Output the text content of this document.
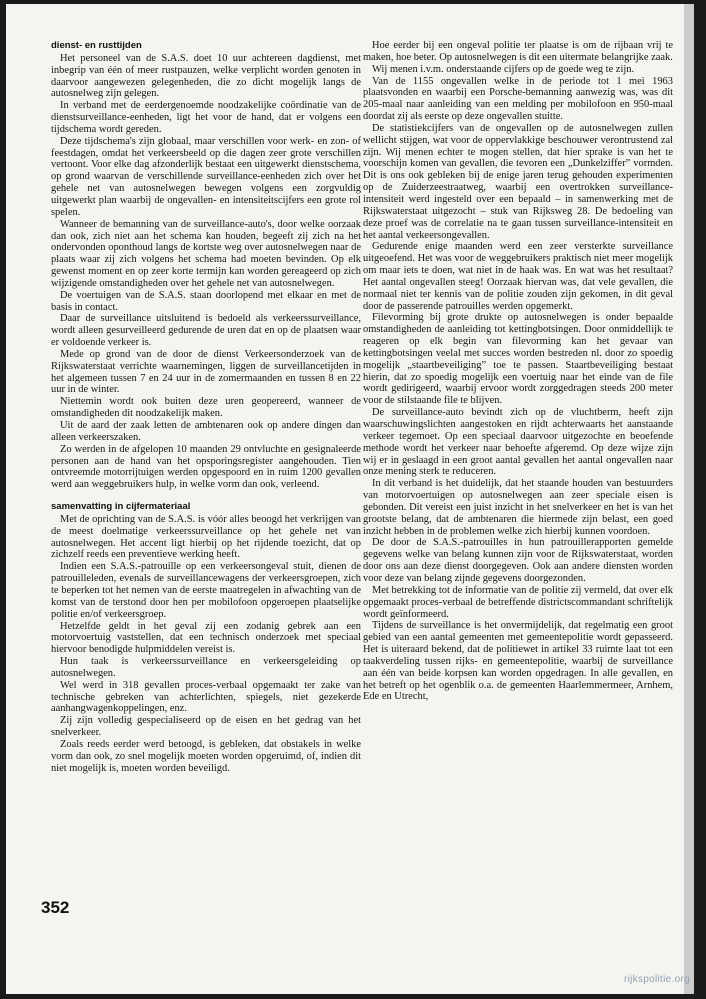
dienst- en rusttijden

Het personeel van de S.A.S. doet 10 uur achtereen dagdienst, met inbegrip van één of meer rustpauzen, welke verplicht worden genoten in daarvoor aangewezen gelegenheden, die zo dicht mogelijk langs de autosnelweg zijn gelegen.

In verband met de eerdergenoemde noodzakelijke coördinatie van de dienstsurveillance-eenheden, ligt het voor de hand, dat er volgens een tijdschema wordt gereden.

Deze tijdschema's zijn globaal, maar verschillen voor werk- en zon- of feestdagen, omdat het verkeersbeeld op die dagen zeer grote verschillen vertoont. Voor elke dag afzonderlijk bestaat een uitgewerkt dienstschema, op grond waarvan de verschillende surveillance-eenheden zich over het gehele net van autosnelwegen bewegen volgens een zorgvuldig uitgewerkt plan waarbij de ongevallen- en intensiteitscijfers een grote rol spelen.

Wanneer de bemanning van de surveillance-auto's, door welke oorzaak dan ook, zich niet aan het schema kan houden, begeeft zij zich na het ondervonden oponthoud langs de kortste weg over autosnelwegen naar de plaats waar zij zich volgens het schema had moeten bevinden. Op elk gewenst moment en op zeer korte termijn kan worden gereageerd op zich wijzigende omstandigheden over het gehele net van autosnelwegen.

De voertuigen van de S.A.S. staan doorlopend met elkaar en met de basis in contact.

Daar de surveillance uitsluitend is bedoeld als verkeerssurveillance, wordt alleen gesurveilleerd gedurende de uren dat en op de plaatsen waar er voldoende verkeer is.

Mede op grond van de door de dienst Verkeersonderzoek van de Rijkswaterstaat verrichte waarnemingen, liggen de surveillancetijden in het algemeen tussen 7 en 24 uur in de zomermaanden en tussen 8 en 22 uur in de winter.

Niettemin wordt ook buiten deze uren geopereerd, wanneer de omstandigheden dit noodzakelijk maken.

Uit de aard der zaak letten de ambtenaren ook op andere dingen dan alleen verkeerszaken.

Zo werden in de afgelopen 10 maanden 29 ontvluchte en gesignaleerde personen aan de hand van het opsporingsregister aangehouden. Tien ontvreemde motorrijtuigen werden opgespoord en in ruim 1200 gevallen werd aan weggebruikers hulp, in welke vorm dan ook, verleend.

samenvatting in cijfermateriaal

Met de oprichting van de S.A.S. is vóór alles beoogd het verkrijgen van de meest doelmatige verkeerssurveillance op het gehele net van autosnelwegen. Het accent ligt hierbij op het rijdende toezicht, dat op zichzelf reeds een preventieve werking heeft.

Indien een S.A.S.-patrouille op een verkeersongeval stuit, dienen de patrouilleleden, evenals de surveillancewagens der verkeersgroepen, zich te beperken tot het nemen van de eerste maatregelen in afwachting van de komst van de terstond door hen per mobilofoon opgeroepen plaatselijke politie en/of verkeersgroep.

Hetzelfde geldt in het geval zij een zodanig gebrek aan een motorvoertuig vaststellen, dat een technisch onderzoek met speciaal hiervoor benodigde hulpmiddelen vereist is.

Hun taak is verkeerssurveillance en verkeersgeleiding op autosnelwegen.

Wel werd in 318 gevallen proces-verbaal opgemaakt ter zake van technische gebreken van achterlichten, spiegels, niet gezekerde aanhangwagenkoppelingen, enz.

Zij zijn volledig gespecialiseerd op de eisen en het gedrag van het snelverkeer.

Zoals reeds eerder werd betoogd, is gebleken, dat obstakels in welke vorm dan ook, zo snel mogelijk moeten worden opgeruimd, of, indien dit niet mogelijk is, moeten worden beveiligd.

Hoe eerder bij een ongeval politie ter plaatse is om de rijbaan vrij te maken, hoe beter. Op autosnelwegen is dit een uitermate belangrijke zaak.

Wij menen i.v.m. onderstaande cijfers op de goede weg te zijn.

Van de 1155 ongevallen welke in de periode tot 1 mei 1963 plaatsvonden en waarbij een Porsche-bemanning aanwezig was, was dit 205-maal naar aanleiding van een melding per mobilofoon en 950-maal doordat zij als eerste op deze ongevallen stuitte.

De statistiekcijfers van de ongevallen op de autosnelwegen zullen wellicht stijgen, wat voor de oppervlakkige beschouwer verontrustend zal zijn. Wij menen echter te mogen stellen, dat hier sprake is van het te voorschijn komen van gevallen, die tevoren een „Dunkelziffer” vormden. Dit is ons ook gebleken bij de enige jaren terug gehouden experimenten op de Zuiderzeestraatweg, waarbij een overtrokken surveillance-intensiteit werd ingesteld over een bepaald – in samenwerking met de Rijkswaterstaat uitgezocht – stuk van Rijksweg 28. De bedoeling van deze proef was de correlatie na te gaan tussen surveillance-intensiteit en het aantal verkeersongevallen.

Gedurende enige maanden werd een zeer versterkte surveillance uitgeoefend. Het was voor de weggebruikers praktisch niet meer mogelijk om maar iets te doen, wat niet in de haak was. En wat was het resultaat? Het aantal ongevallen steeg! Oorzaak hiervan was, dat vele gevallen, die normaal niet ter kennis van de politie zouden zijn gekomen, in dit geval door de passerende patrouilles werden opgemerkt.

Filevorming bij grote drukte op autosnelwegen is onder bepaalde omstandigheden de aanleiding tot kettingbotsingen. Door onmiddellijk te reageren op elk begin van filevorming kan het gevaar van kettingbotsingen veelal met succes worden bestreden nl. door zo spoedig mogelijk „staartbeveiliging” toe te passen. Staartbeveiliging bestaat hierin, dat zo spoedig mogelijk een voertuig naar het einde van de file wordt gedirigeerd, waarbij ervoor wordt zorggedragen steeds 200 meter voor de stilstaande file te blijven.

De surveillance-auto bevindt zich op de vluchtberm, heeft zijn waarschuwingslichten aangestoken en rijdt achterwaarts het aanstaande verkeer tegemoet. Op een speciaal daarvoor uitgezochte en beoefende methode wordt het verkeer naar behoefte afgeremd. Op deze wijze zijn wij er in geslaagd in een groot aantal gevallen het aantal ongevallen naar onze mening sterk te reduceren.

In dit verband is het duidelijk, dat het staande houden van bestuurders van motorvoertuigen op autosnelwegen aan zeer speciale eisen is gebonden. Dit vereist een juist inzicht in het snelverkeer en het is van het grootste belang, dat de ambtenaren die hiermede zijn belast, een goed inzicht hebben in de problemen welke zich hierbij kunnen voordoen.

De door de S.A.S.-patrouilles in hun patrouillerapporten gemelde gegevens welke van belang kunnen zijn voor de Rijkswaterstaat, worden door ons aan deze dienst doorgegeven. Ook aan andere diensten worden voor deze van belang zijnde gegevens doorgezonden.

Met betrekking tot de informatie van de politie zij vermeld, dat over elk opgemaakt proces-verbaal de betreffende districtscommandant schriftelijk wordt geïnformeerd.

Tijdens de surveillance is het onvermijdelijk, dat regelmatig een groot gebied van een aantal gemeenten met gemeentepolitie wordt gepasseerd. Het is uiteraard bekend, dat de politiewet in artikel 33 ruimte laat tot een taakverdeling tussen rijks- en gemeentepolitie, waarbij de surveillance aan één van beide korpsen kan worden opgedragen. In alle gevallen, en het betreft op het ogenblik o.a. de gemeenten Haarlemmermeer, Arnhem, Ede en Utrecht,

352
rijkspolitie.org
